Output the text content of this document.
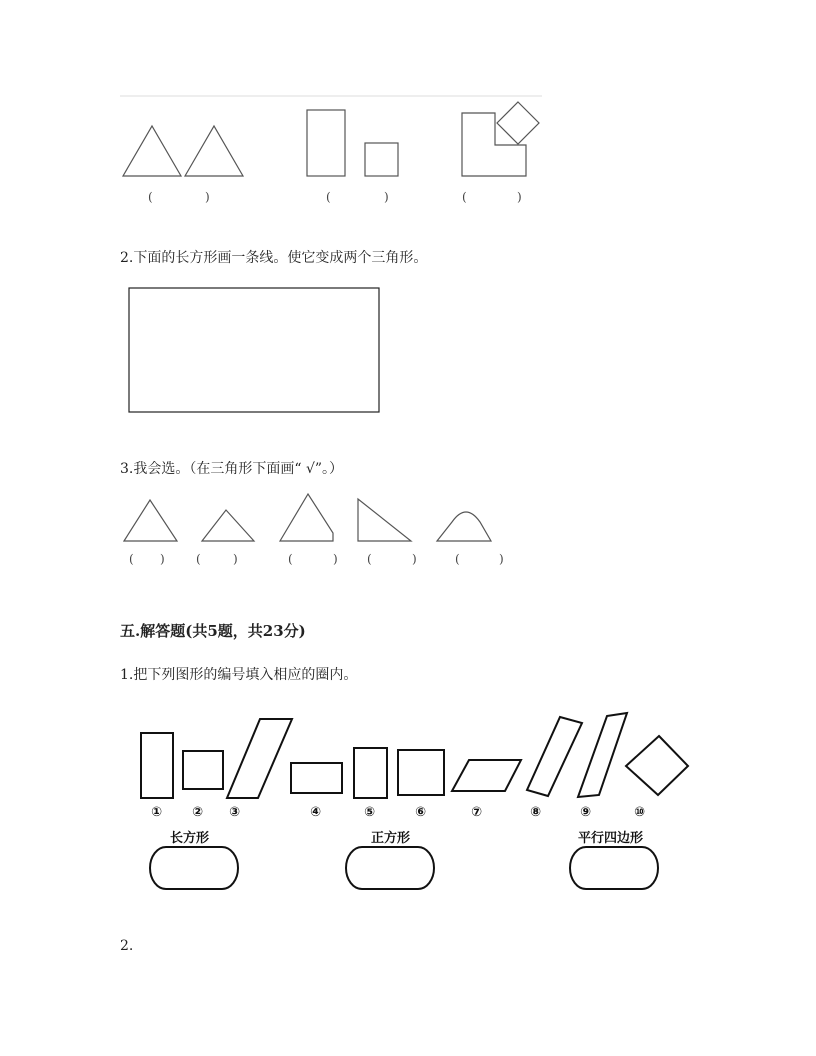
(	)	(	)	(	)
2.下面的长方形画一条线。使它变成两个三角形。
3.我会选。（在三角形下面画“ √”。）
( )	(	)	(	) (	)	(	)
五.解答题(共5题，共23分)
1.把下列图形的编号填入相应的圈内。
① ② ③	④	⑤	⑥	⑦	⑧	⑨	⑩
长方形	正方形	平行四边形
2.
